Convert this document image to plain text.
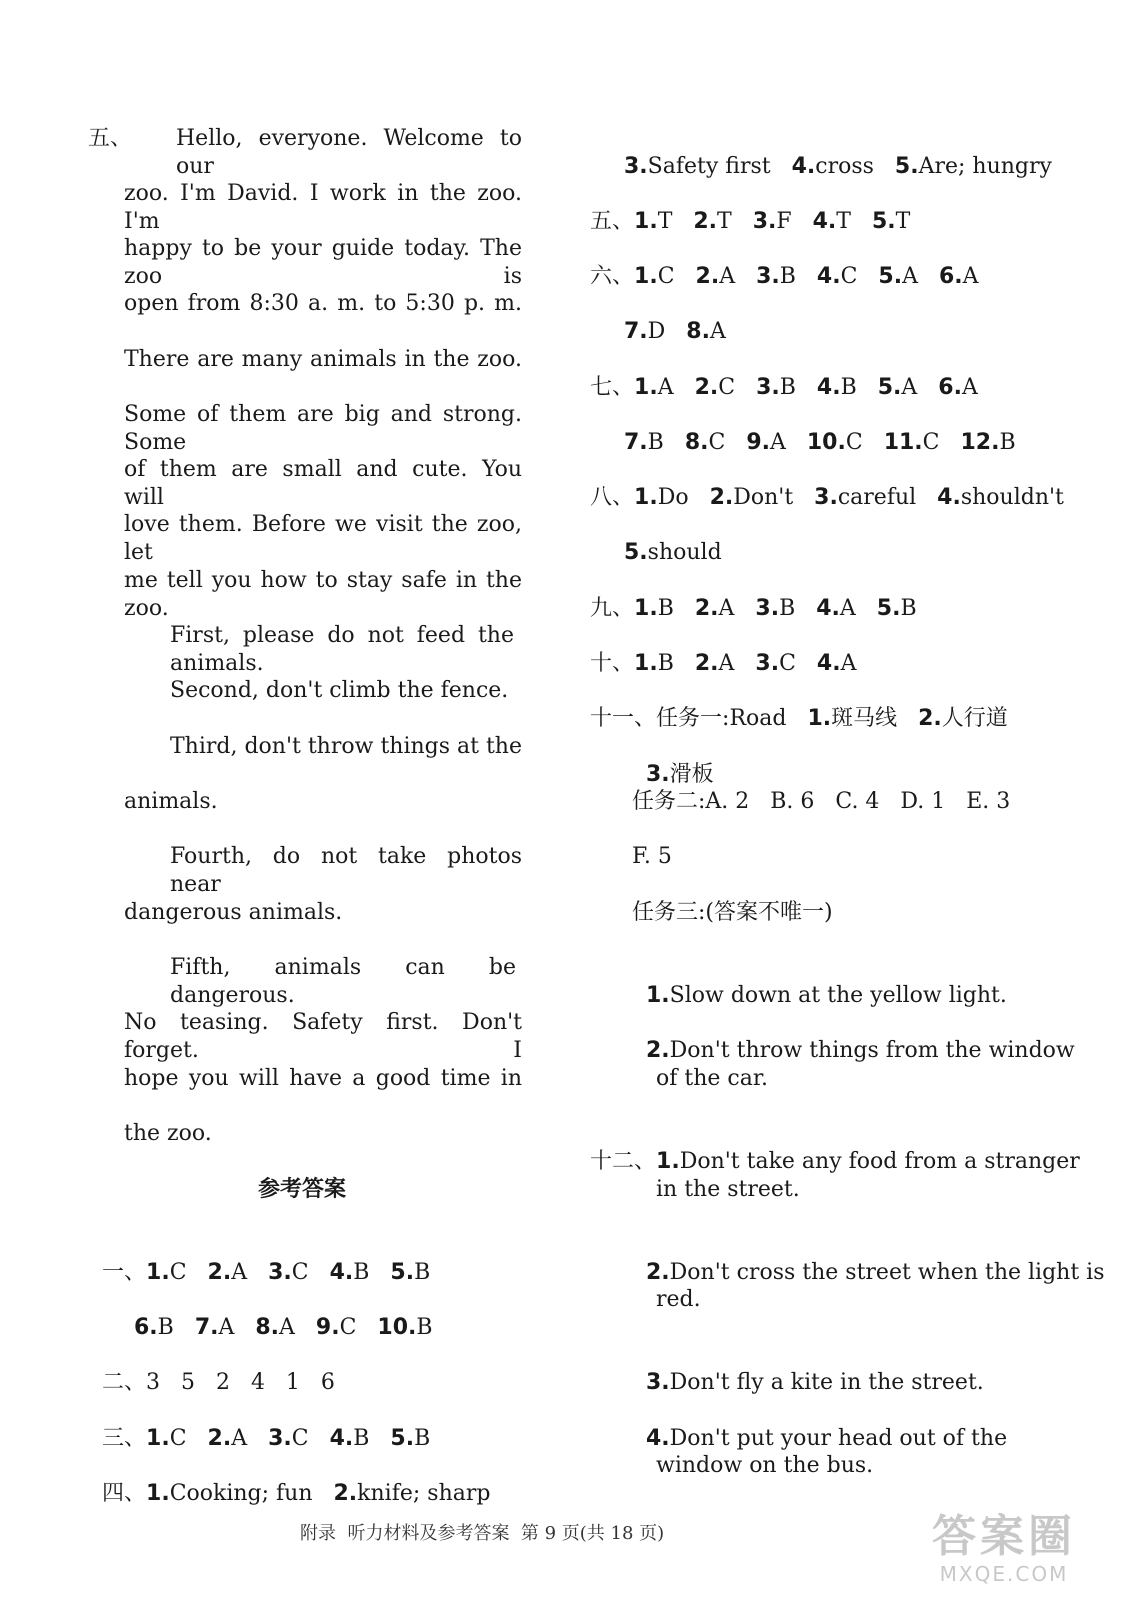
五、 Hello, everyone. Welcome to our
zoo. I'm David. I work in the zoo. I'm
happy to be your guide today. The zoo is
open from 8:30 a. m. to 5:30 p. m.
There are many animals in the zoo.
Some of them are big and strong. Some
of them are small and cute. You will
love them. Before we visit the zoo, let
me tell you how to stay safe in the zoo.
First, please do not feed the animals.
Second, don't climb the fence.
Third, don't throw things at the
animals.
Fourth, do not take photos near
dangerous animals.
Fifth, animals can be dangerous.
No teasing. Safety first. Don't forget. I
hope you will have a good time in
the zoo.
参考答案

一、1.C 2.A 3.C 4.B 5.B

6.B 7.A 8.A 9.C 10.B

二、3   5   2   4   1   6

三、1.C 2.A 3.C 4.B 5.B

四、1.Cooking; fun 2.knife; sharp

3.Safety first 4.cross 5.Are; hungry

五、1.T 2.T 3.F 4.T 5.T

六、1.C 2.A 3.B 4.C 5.A 6.A

7.D 8.A

七、1.A 2.C 3.B 4.B 5.A 6.A

7.B 8.C 9.A 10.C 11.C 12.B

八、1.Do 2.Don't 3.careful 4.shouldn't

5.should

九、1.B 2.A 3.B 4.A 5.B

十、1.B 2.A 3.C 4.A

十一、任务一:Road 1.斑马线 2.人行道

3.滑板

任务二:A. 2   B. 6   C. 4   D. 1   E. 3
F. 5
任务三:(答案不唯一)

1.Slow down at the yellow light.

2.Don't throw things from the window

of the car.

十二、1.Don't take any food from a stranger

in the street.

2.Don't cross the street when the light is

red.

3.Don't fly a kite in the street.

4.Don't put your head out of the

window on the bus.
附录  听力材料及参考答案  第 9 页(共 18 页)	答案圈
MXQE.COM
